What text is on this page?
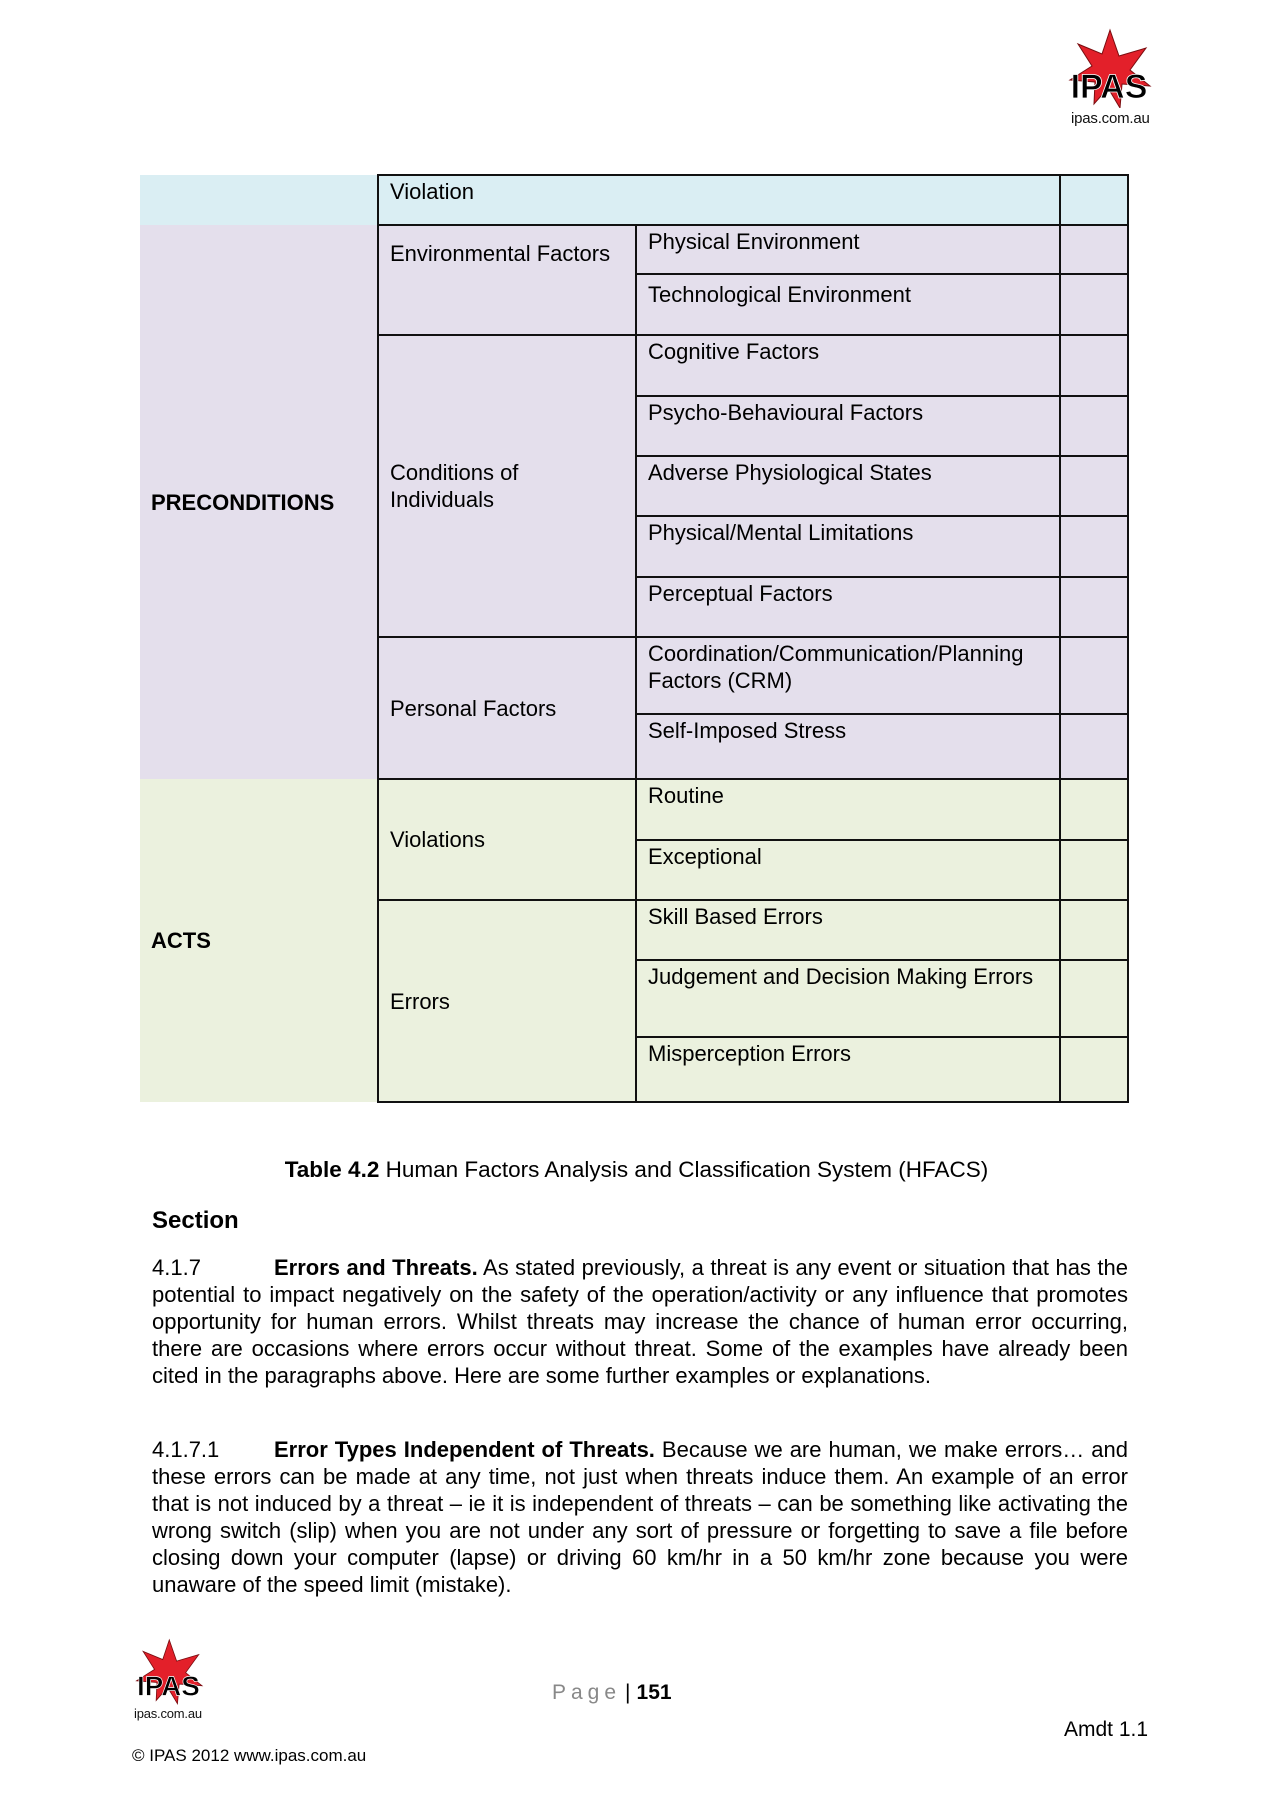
IPAS
ipas.com.au
	Violation		
PRECONDITIONS	Environmental Factors	Physical Environment	
		Technological Environment	
	Conditions of Individuals	Cognitive Factors	
		Psycho-Behavioural Factors	
		Adverse Physiological States	
		Physical/Mental Limitations	
		Perceptual Factors	
	Personal Factors	Coordination/Communication/Planning Factors (CRM)	
		Self-Imposed Stress	
ACTS	Violations	Routine	
		Exceptional	
	Errors	Skill Based Errors	
		Judgement and Decision Making Errors	
		Misperception Errors	
Table 4.2 Human Factors Analysis and Classification System (HFACS)
Section
4.1.7	Errors and Threats. As stated previously, a threat is any event or situation that has the potential to impact negatively on the safety of the operation/activity or any influence that promotes opportunity for human errors. Whilst threats may increase the chance of human error occurring, there are occasions where errors occur without threat. Some of the examples have already been cited in the paragraphs above. Here are some further examples or explanations.
4.1.7.1 Error Types Independent of Threats. Because we are human, we make errors… and these errors can be made at any time, not just when threats induce them. An example of an error that is not induced by a threat – ie it is independent of threats – can be something like activating the wrong switch (slip) when you are not under any sort of pressure or forgetting to save a file before closing down your computer (lapse) or driving 60 km/hr in a 50 km/hr zone because you were unaware of the speed limit (mistake).
IPAS
ipas.com.au
Page | 151
Amdt 1.1
© IPAS 2012 www.ipas.com.au
